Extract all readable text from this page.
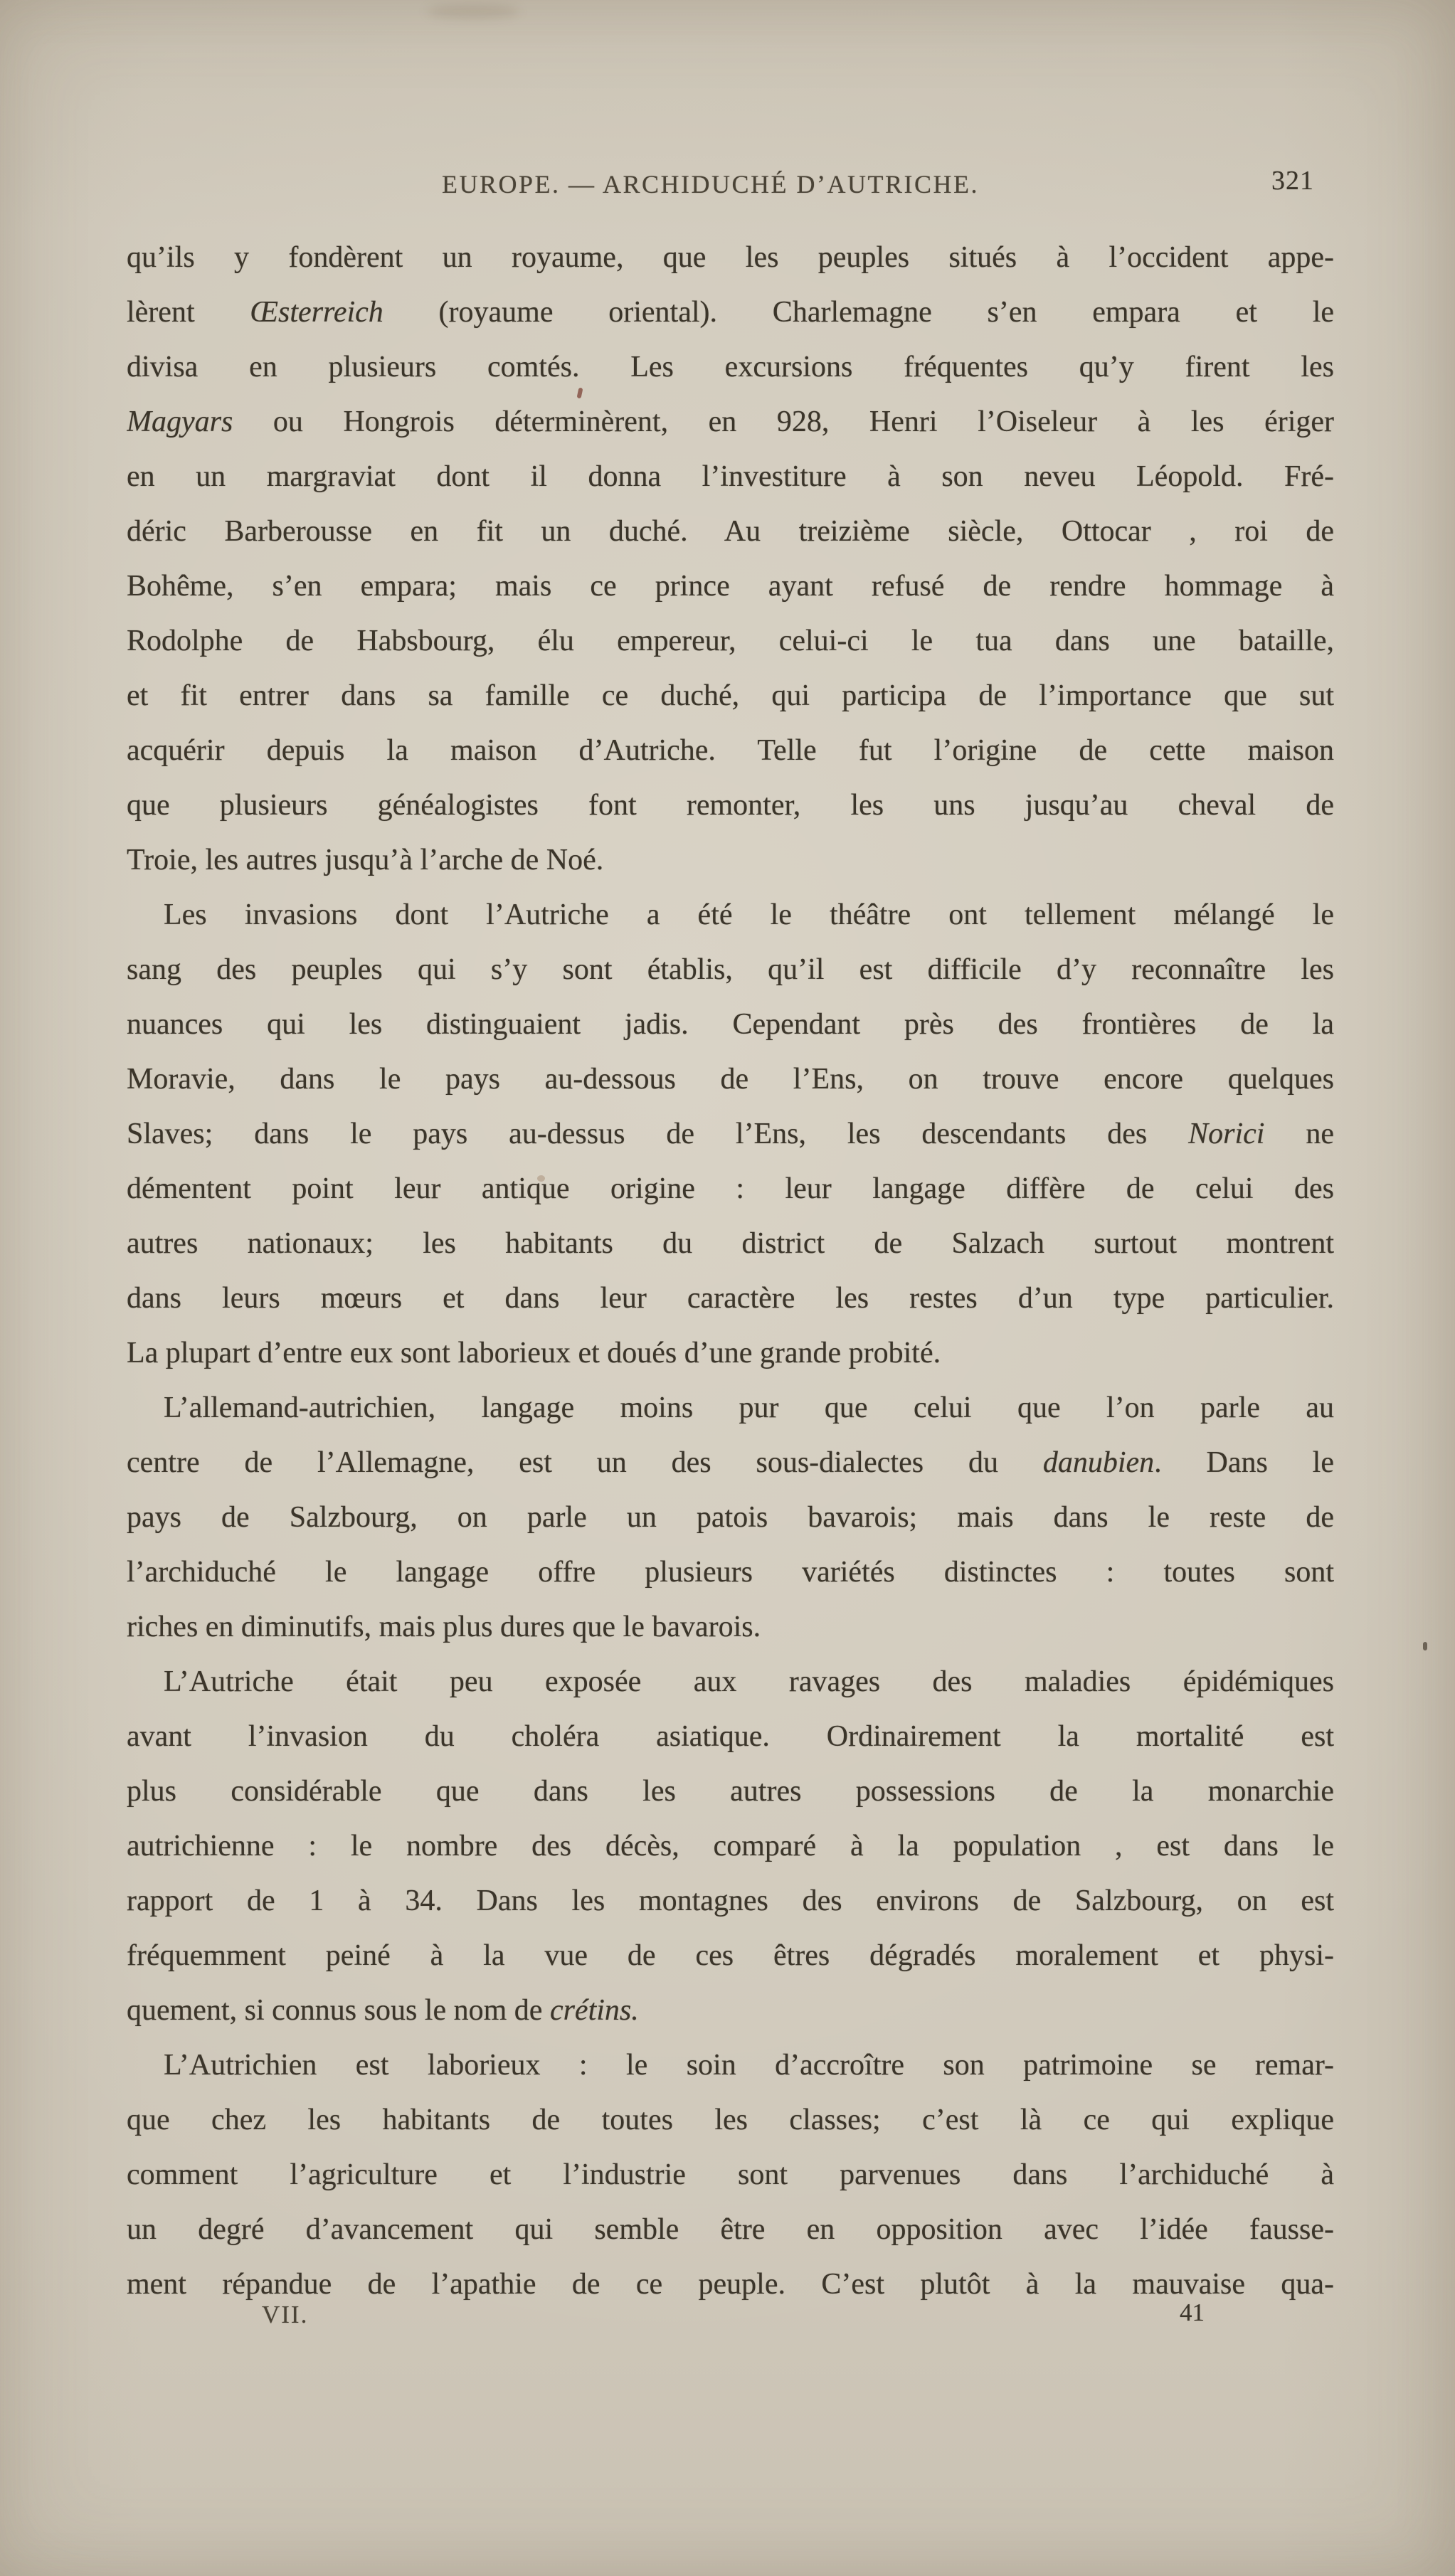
EUROPE. — ARCHIDUCHÉ D’AUTRICHE.	321
qu’ils y fondèrent un royaume, que les peuples situés à l’occident appe-
lèrent Œsterreich (royaume oriental). Charlemagne s’en empara et le
divisa en plusieurs comtés. Les excursions fréquentes qu’y firent les
Magyars ou Hongrois déterminèrent, en 928, Henri l’Oiseleur à les ériger
en un margraviat dont il donna l’investiture à son neveu Léopold. Fré-
déric Barberousse en fit un duché. Au treizième siècle, Ottocar , roi de
Bohême, s’en empara; mais ce prince ayant refusé de rendre hommage à
Rodolphe de Habsbourg, élu empereur, celui-ci le tua dans une bataille,
et fit entrer dans sa famille ce duché, qui participa de l’importance que sut
acquérir depuis la maison d’Autriche. Telle fut l’origine de cette maison
que plusieurs généalogistes font remonter, les uns jusqu’au cheval de
Troie, les autres jusqu’à l’arche de Noé.
Les invasions dont l’Autriche a été le théâtre ont tellement mélangé le
sang des peuples qui s’y sont établis, qu’il est difficile d’y reconnaître les
nuances qui les distinguaient jadis. Cependant près des frontières de la
Moravie, dans le pays au-dessous de l’Ens, on trouve encore quelques
Slaves; dans le pays au-dessus de l’Ens, les descendants des Norici ne
démentent point leur antique origine : leur langage diffère de celui des
autres nationaux; les habitants du district de Salzach surtout montrent
dans leurs mœurs et dans leur caractère les restes d’un type particulier.
La plupart d’entre eux sont laborieux et doués d’une grande probité.
L’allemand-autrichien, langage moins pur que celui que l’on parle au
centre de l’Allemagne, est un des sous-dialectes du danubien. Dans le
pays de Salzbourg, on parle un patois bavarois; mais dans le reste de
l’archiduché le langage offre plusieurs variétés distinctes : toutes sont
riches en diminutifs, mais plus dures que le bavarois.
L’Autriche était peu exposée aux ravages des maladies épidémiques
avant l’invasion du choléra asiatique. Ordinairement la mortalité est
plus considérable que dans les autres possessions de la monarchie
autrichienne : le nombre des décès, comparé à la population , est dans le
rapport de 1 à 34. Dans les montagnes des environs de Salzbourg, on est
fréquemment peiné à la vue de ces êtres dégradés moralement et physi-
quement, si connus sous le nom de crétins.
L’Autrichien est laborieux : le soin d’accroître son patrimoine se remar-
que chez les habitants de toutes les classes; c’est là ce qui explique
comment l’agriculture et l’industrie sont parvenues dans l’archiduché à
un degré d’avancement qui semble être en opposition avec l’idée fausse-
ment répandue de l’apathie de ce peuple. C’est plutôt à la mauvaise qua-
VII.	41
